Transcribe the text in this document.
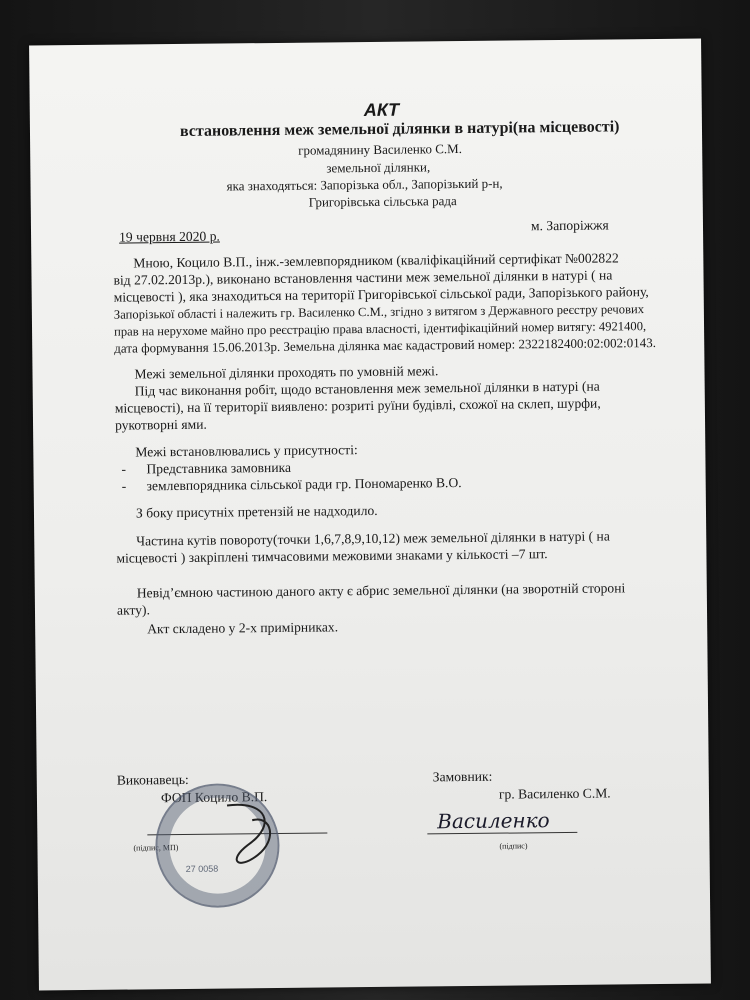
АКТ
встановлення меж земельної ділянки в натурі(на місцевості)
громадянину Василенко С.М.
земельної ділянки,
яка знаходяться: Запорізька обл., Запорізький р-н,
Григорівська сільська рада
19 червня 2020 р.
м. Запоріжжя
Мною, Коцило В.П., інж.-землевпорядником (кваліфікаційний сертифікат №002822
від 27.02.2013р.), виконано встановлення частини меж земельної ділянки в натурі ( на
місцевості ), яка знаходиться на території Григорівської сільської ради, Запорізького району,
Запорізької області і належить гр. Василенко С.М., згідно з витягом з Державного реєстру речових
прав на нерухоме майно про реєстрацію права власності, ідентифікаційний номер витягу: 4921400,
дата формування 15.06.2013р. Земельна ділянка має кадастровий номер: 2322182400:02:002:0143.
Межі земельної ділянки проходять по умовній межі.
Під час виконання робіт, щодо встановлення меж земельної ділянки в натурі (на
місцевості), на її території виявлено: розриті руїни будівлі, схожої на склеп, шурфи,
рукотворні ями.
Межі встановлювались у присутності:
-      Представника замовника
-      землевпорядника сільської ради гр. Пономаренко В.О.
З боку присутніх претензій не надходило.
Частина кутів повороту(точки 1,6,7,8,9,10,12) меж земельної ділянки в натурі ( на
місцевості ) закріплені тимчасовими межовими знаками у кількості –7 шт.
Невід’ємною частиною даного акту є абрис земельної ділянки (на зворотній стороні
акту).
Акт складено у 2-х примірниках.
Виконавець:
ФОП Коцило В.П.
(підпис, МП)
27 0058
Замовник:
гр. Василенко С.М.
Василенко
(підпис)
